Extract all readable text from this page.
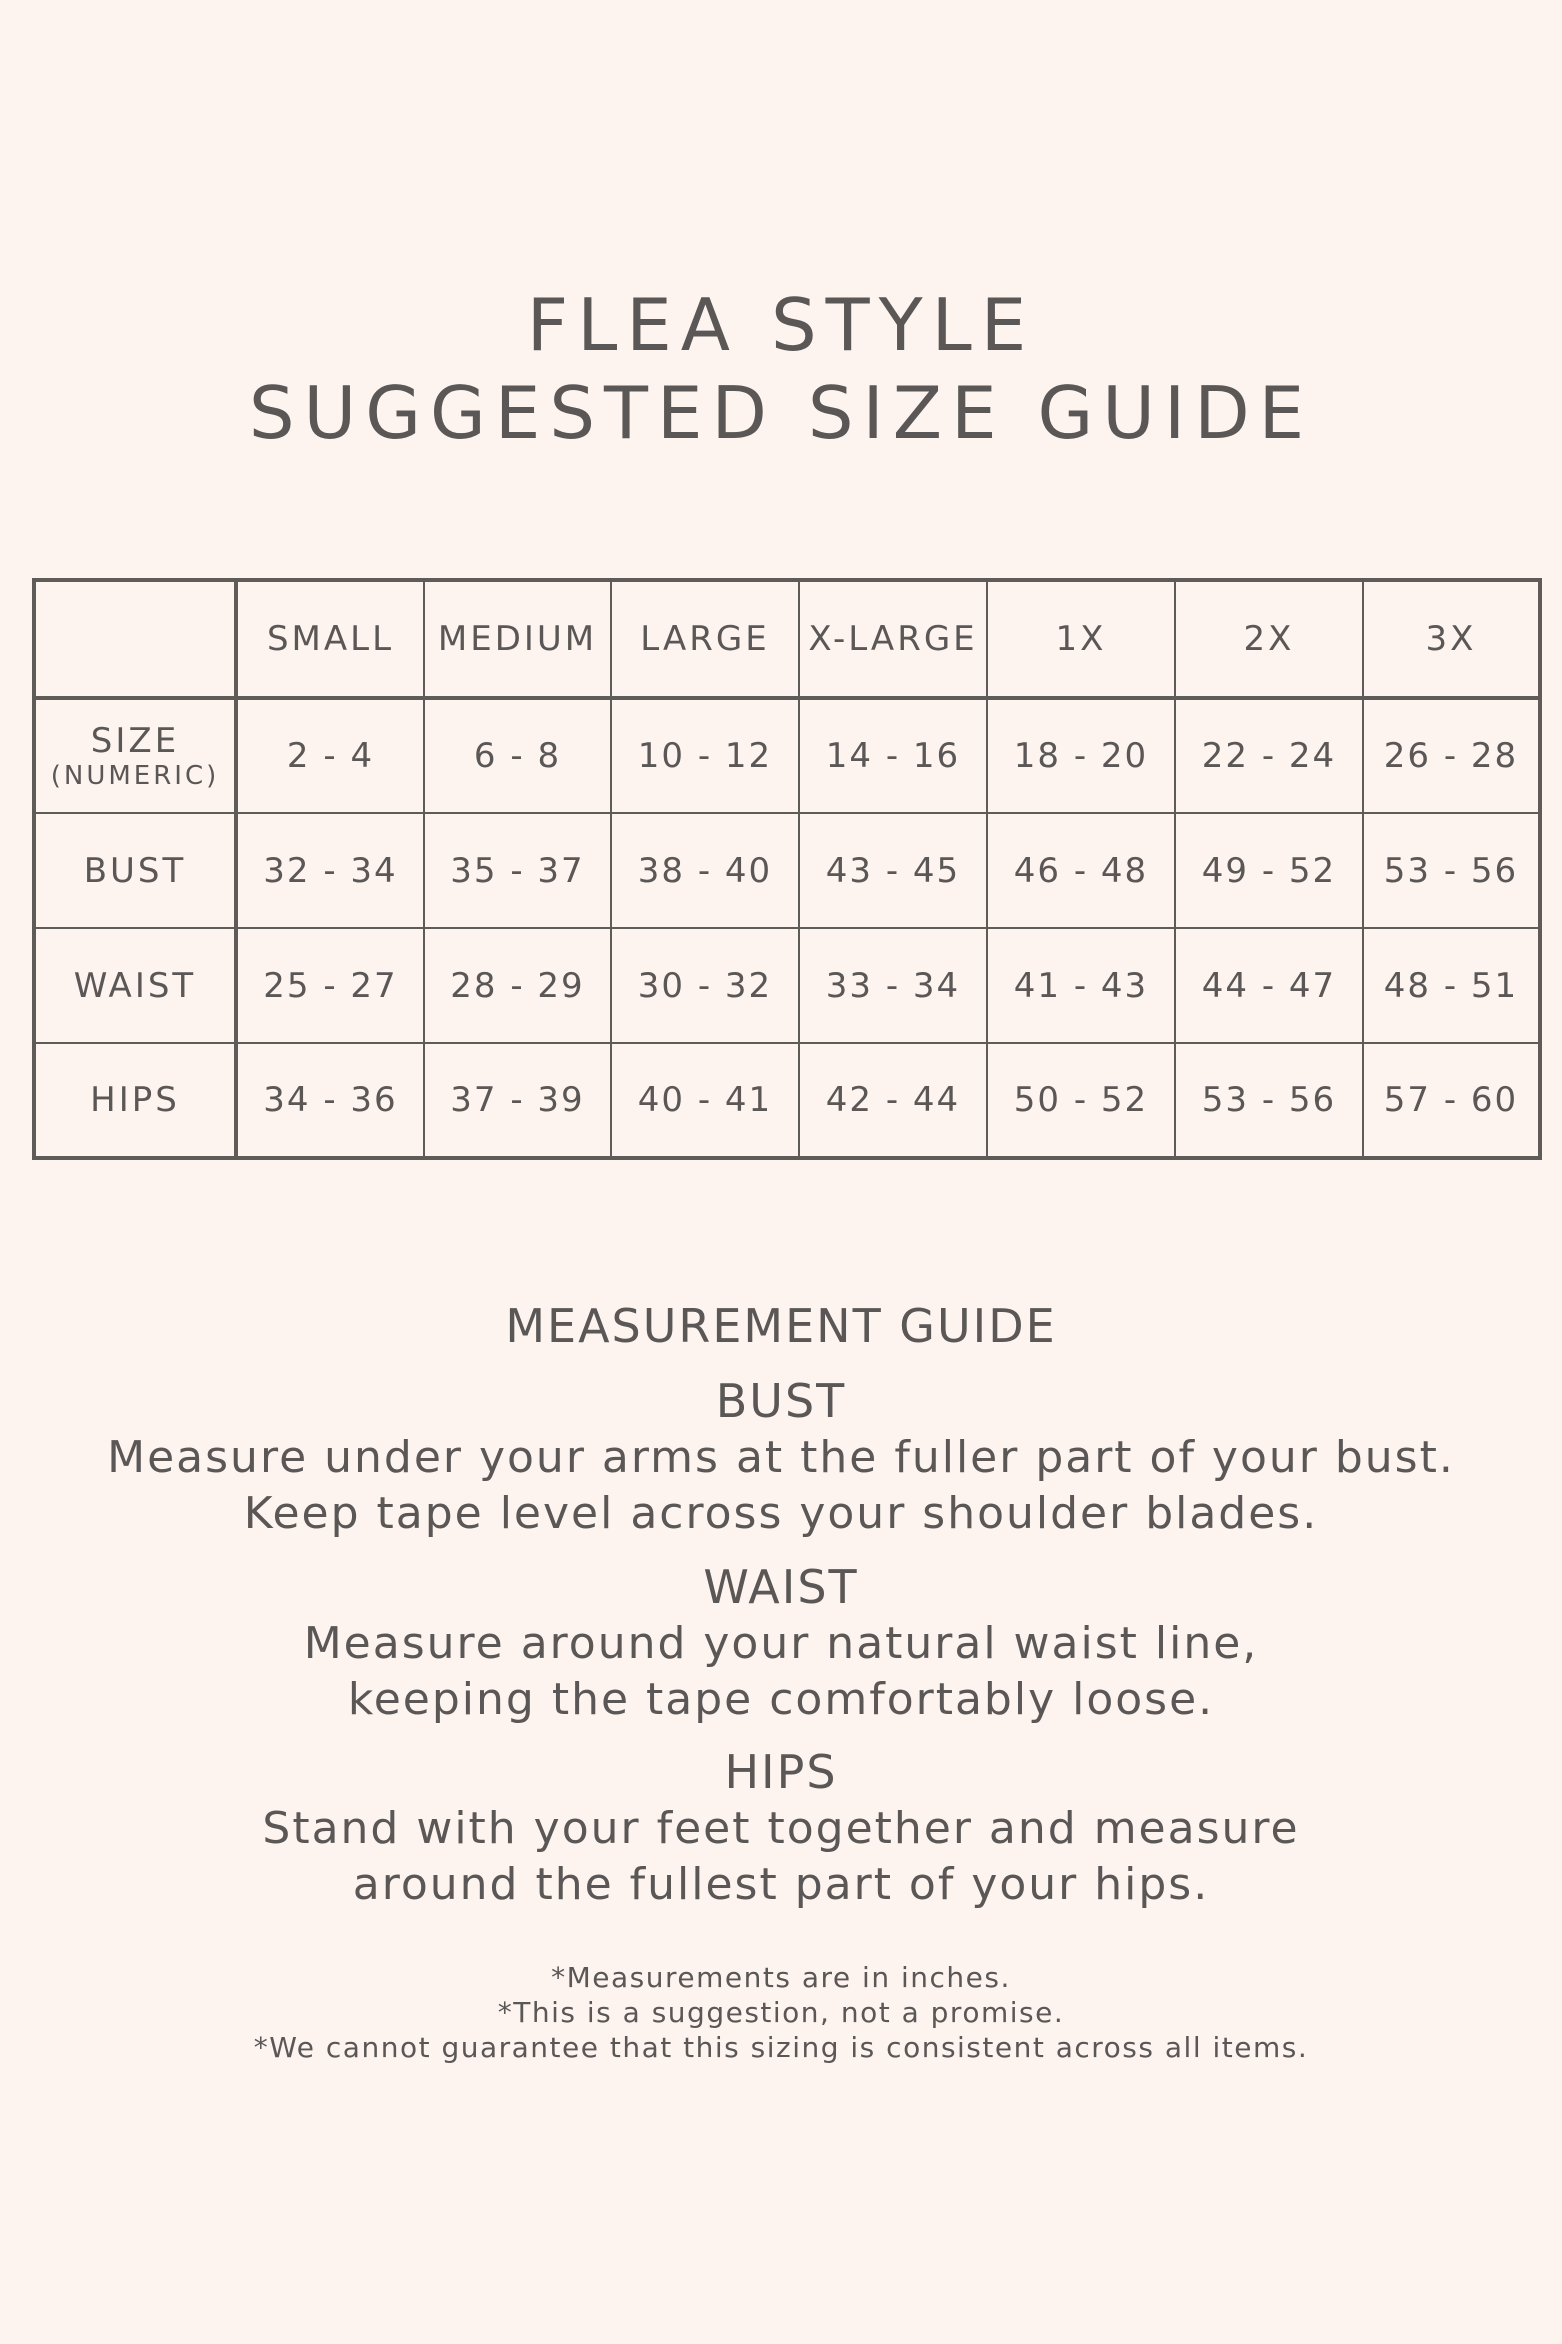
FLEA STYLE
SUGGESTED SIZE GUIDE
	SMALL	MEDIUM	LARGE	X-LARGE	1X	2X	3X

SIZE
(NUMERIC)	2 - 4	6 - 8	10 - 12	14 - 16	18 - 20	22 - 24	26 - 28

BUST	32 - 34	35 - 37	38 - 40	43 - 45	46 - 48	49 - 52	53 - 56

WAIST	25 - 27	28 - 29	30 - 32	33 - 34	41 - 43	44 - 47	48 - 51

HIPS	34 - 36	37 - 39	40 - 41	42 - 44	50 - 52	53 - 56	57 - 60
MEASUREMENT GUIDE
BUST
Measure under your arms at the fuller part of your bust.
Keep tape level across your shoulder blades.
WAIST
Measure around your natural waist line,
keeping the tape comfortably loose.
HIPS
Stand with your feet together and measure
around the fullest part of your hips.
*Measurements are in inches.
*This is a suggestion, not a promise.
*We cannot guarantee that this sizing is consistent across all items.
